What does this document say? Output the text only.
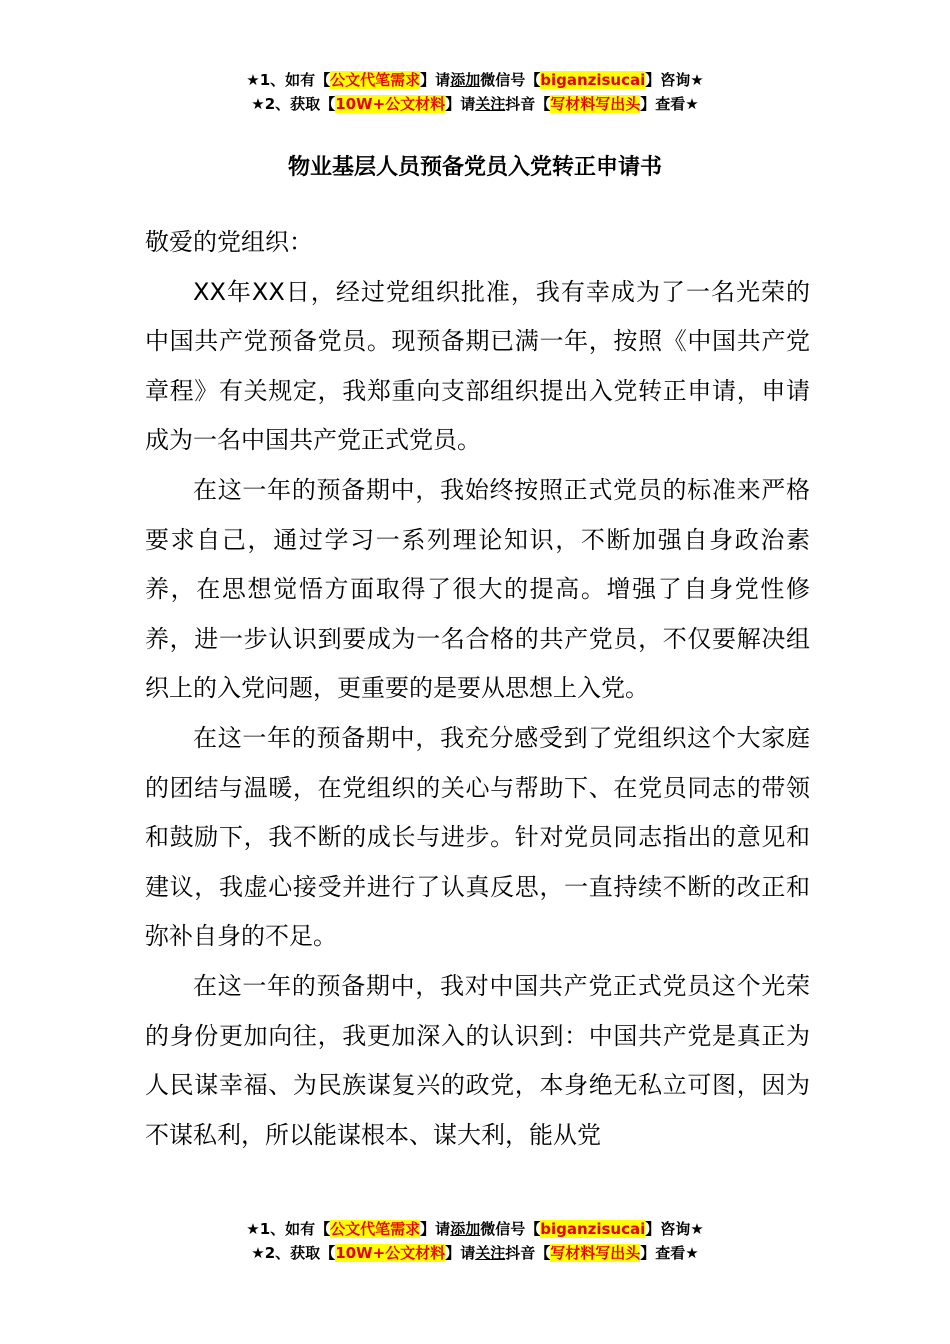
★1、如有【公文代笔需求】请添加微信号【biganzisucai】咨询★
★2、获取【10W+公文材料】请关注抖音【写材料写出头】查看★
物业基层人员预备党员入党转正申请书

敬爱的党组织：

XX年XX日，经过党组织批准，我有幸成为了一名光荣的中国共产党预备党员。现预备期已满一年，按照《中国共产党章程》有关规定，我郑重向支部组织提出入党转正申请，申请成为一名中国共产党正式党员。

在这一年的预备期中，我始终按照正式党员的标准来严格要求自己，通过学习一系列理论知识，不断加强自身政治素养，在思想觉悟方面取得了很大的提高。增强了自身党性修养，进一步认识到要成为一名合格的共产党员，不仅要解决组织上的入党问题，更重要的是要从思想上入党。

在这一年的预备期中，我充分感受到了党组织这个大家庭的团结与温暖，在党组织的关心与帮助下、在党员同志的带领和鼓励下，我不断的成长与进步。针对党员同志指出的意见和建议，我虚心接受并进行了认真反思，一直持续不断的改正和弥补自身的不足。

在这一年的预备期中，我对中国共产党正式党员这个光荣的身份更加向往，我更加深入的认识到：中国共产党是真正为人民谋幸福、为民族谋复兴的政党，本身绝无私立可图，因为不谋私利，所以能谋根本、谋大利，能从党

★1、如有【公文代笔需求】请添加微信号【biganzisucai】咨询★
★2、获取【10W+公文材料】请关注抖音【写材料写出头】查看★
